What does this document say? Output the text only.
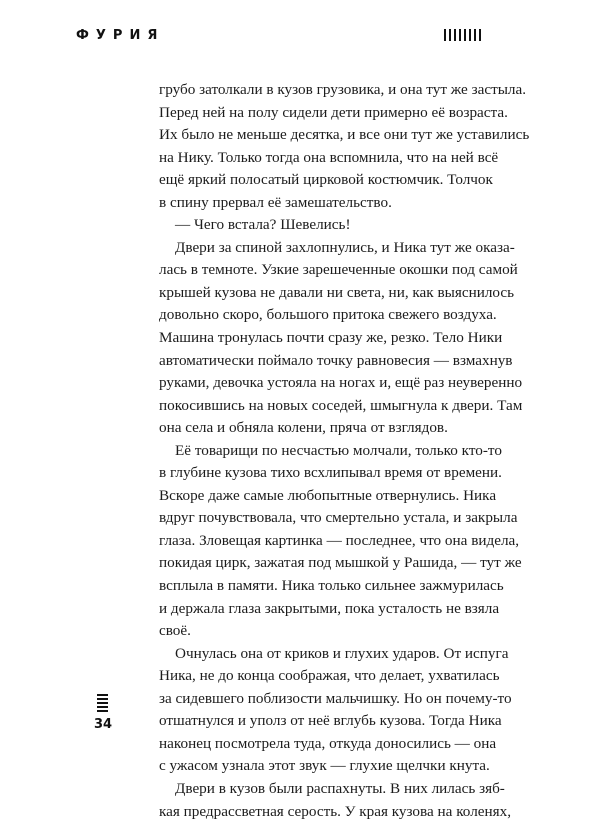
ФУРИЯ
грубо затолкали в кузов грузовика, и она тут же застыла.
Перед ней на полу сидели дети примерно её возраста.
Их было не меньше десятка, и все они тут же уставились
на Нику. Только тогда она вспомнила, что на ней всё
ещё яркий полосатый цирковой костюмчик. Толчок
в спину прервал её замешательство.
— Чего встала? Шевелись!
Двери за спиной захлопнулись, и Ника тут же оказа-
лась в темноте. Узкие зарешеченные окошки под самой
крышей кузова не давали ни света, ни, как выяснилось
довольно скоро, большого притока свежего воздуха.
Машина тронулась почти сразу же, резко. Тело Ники
автоматически поймало точку равновесия — взмахнув
руками, девочка устояла на ногах и, ещё раз неуверенно
покосившись на новых соседей, шмыгнула к двери. Там
она села и обняла колени, пряча от взглядов.
Её товарищи по несчастью молчали, только кто-то
в глубине кузова тихо всхлипывал время от времени.
Вскоре даже самые любопытные отвернулись. Ника
вдруг почувствовала, что смертельно устала, и закрыла
глаза. Зловещая картинка — последнее, что она видела,
покидая цирк, зажатая под мышкой у Рашида, — тут же
всплыла в памяти. Ника только сильнее зажмурилась
и держала глаза закрытыми, пока усталость не взяла
своё.
Очнулась она от криков и глухих ударов. От испуга
Ника, не до конца соображая, что делает, ухватилась
за сидевшего поблизости мальчишку. Но он почему-то
отшатнулся и уполз от неё вглубь кузова. Тогда Ника
наконец посмотрела туда, откуда доносились — она
с ужасом узнала этот звук — глухие щелчки кнута.
Двери в кузов были распахнуты. В них лилась зяб-
кая предрассветная серость. У края кузова на коленях,
34
